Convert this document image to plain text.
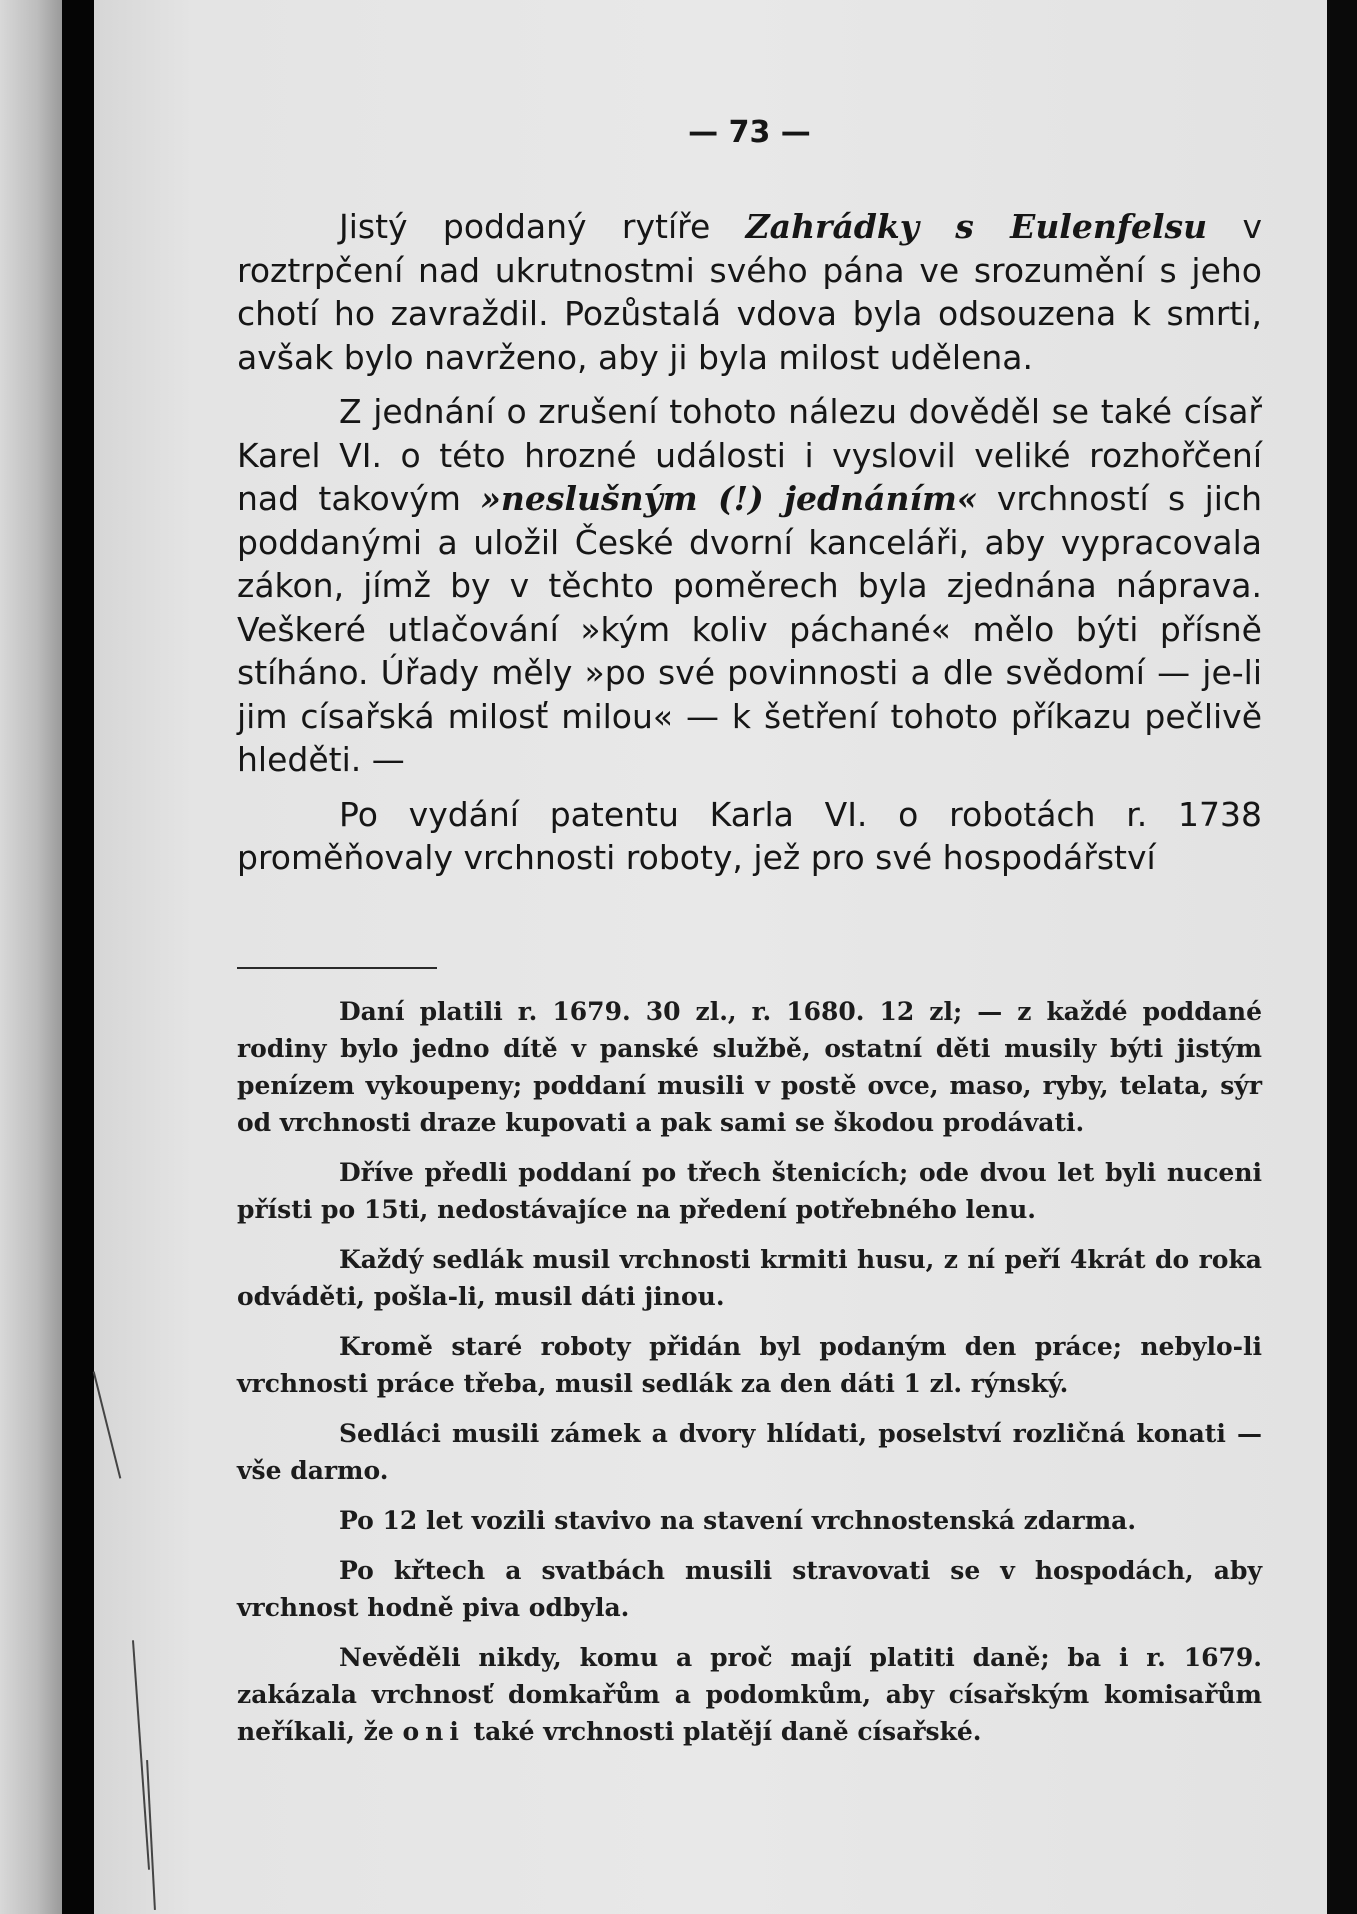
— 73 —

Jistý poddaný rytíře Zahrádky s Eulenfelsu v roztrpčení nad ukrutnostmi svého pána ve srozumění s jeho chotí ho zavraždil. Pozůstalá vdova byla odsouzena k smrti, avšak bylo navrženo, aby ji byla milost udělena.

Z jednání o zrušení tohoto nálezu dověděl se také císař Karel VI. o této hrozné události i vyslovil veliké rozhořčení nad takovým »neslušným (!) jednáním« vrchností s jich poddanými a uložil České dvorní kanceláři, aby vypracovala zákon, jímž by v těchto poměrech byla zjednána náprava. Veškeré utlačování »kým koliv páchané« mělo býti přísně stíháno. Úřady měly »po své povinnosti a dle svědomí — je-li jim císařská milosť milou« — k šetření tohoto příkazu pečlivě hleděti. —

Po vydání patentu Karla VI. o robotách r. 1738 proměňovaly vrchnosti roboty, jež pro své hospodářství

Daní platili r. 1679. 30 zl., r. 1680. 12 zl; — z každé poddané rodiny bylo jedno dítě v panské službě, ostatní děti musily býti jistým penízem vykoupeny; poddaní musili v postě ovce, maso, ryby, telata, sýr od vrchnosti draze kupovati a pak sami se škodou prodávati.

Dříve předli poddaní po třech štenicích; ode dvou let byli nuceni přísti po 15ti, nedostávajíce na předení potřebného lenu.

Každý sedlák musil vrchnosti krmiti husu, z ní peří 4krát do roka odváděti, pošla-li, musil dáti jinou.

Kromě staré roboty přidán byl podaným den práce; nebylo-li vrchnosti práce třeba, musil sedlák za den dáti 1 zl. rýnský.

Sedláci musili zámek a dvory hlídati, poselství rozličná konati — vše darmo.

Po 12 let vozili stavivo na stavení vrchnostenská zdarma.

Po křtech a svatbách musili stravovati se v hospodách, aby vrchnost hodně piva odbyla.

Nevěděli nikdy, komu a proč mají platiti daně; ba i r. 1679. zakázala vrchnosť domkařům a podomkům, aby císařským komisařům neříkali, že oni také vrchnosti platějí daně císařské.
